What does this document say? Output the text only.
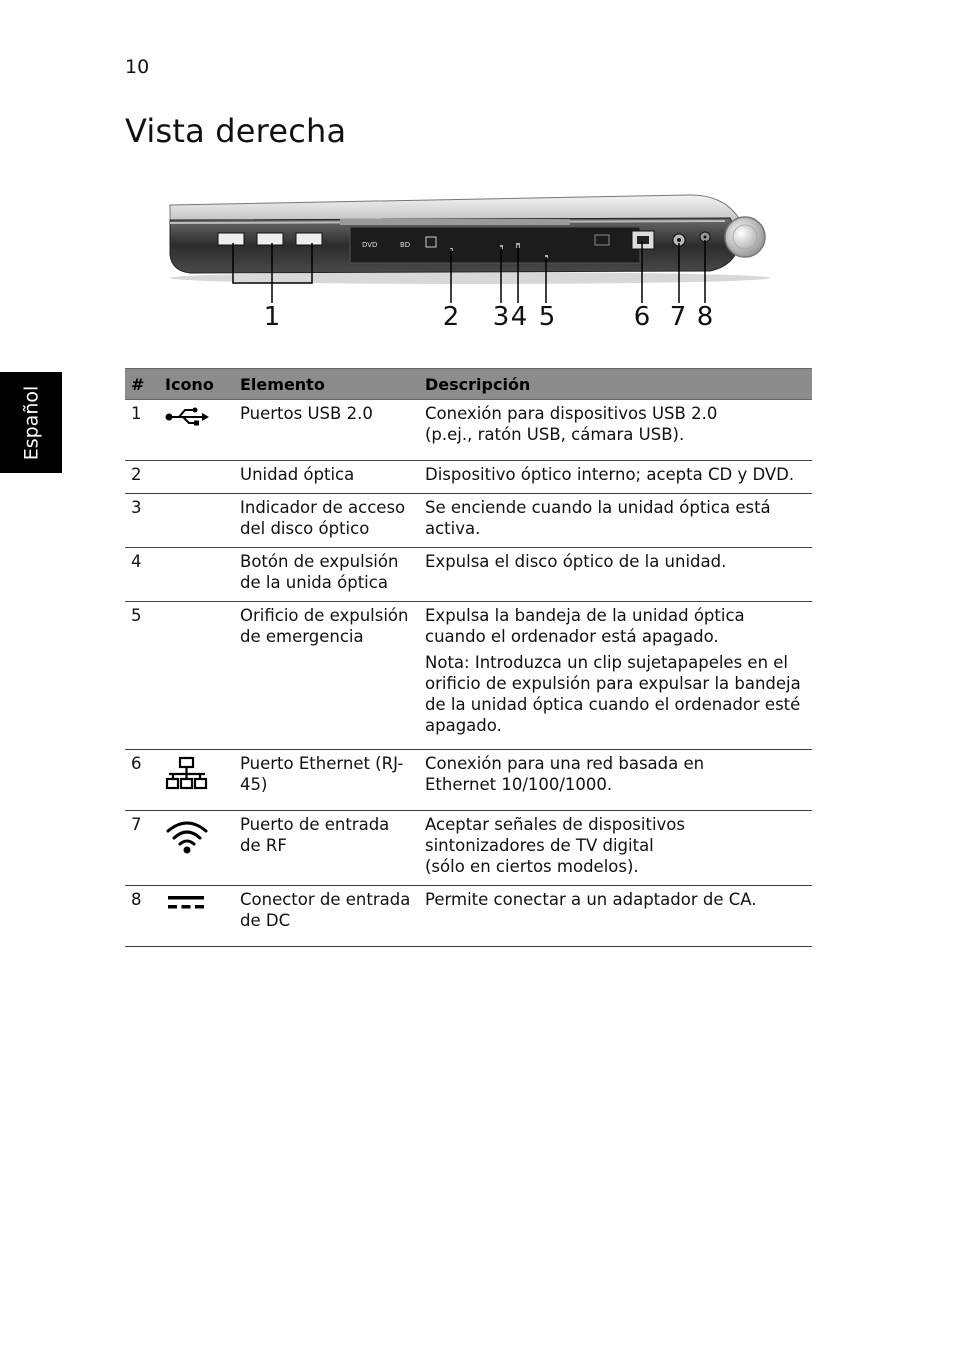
10
Vista derecha
Español
DVD	BD
1	2 3 4 5	6 7 8
#	Icono	Elemento	Descripción
1		Puertos USB 2.0	Conexión para dispositivos USB 2.0
(p.ej., ratón USB, cámara USB).

2		Unidad óptica	Dispositivo óptico interno; acepta CD y DVD.

3		Indicador de acceso del disco óptico	Se enciende cuando la unidad óptica está activa.

4		Botón de expulsión de la unida óptica	Expulsa el disco óptico de la unidad.

5		Orificio de expulsión de emergencia	Expulsa la bandeja de la unidad óptica cuando el ordenador está apagado.

Nota: Introduzca un clip sujetapapeles en el orificio de expulsión para expulsar la bandeja de la unidad óptica cuando el ordenador esté apagado.

6		Puerto Ethernet (RJ-45)	Conexión para una red basada en
Ethernet 10/100/1000.

7		Puerto de entrada de RF	Aceptar señales de dispositivos
sintonizadores de TV digital
(sólo en ciertos modelos).

8		Conector de entrada de DC	Permite conectar a un adaptador de CA.
